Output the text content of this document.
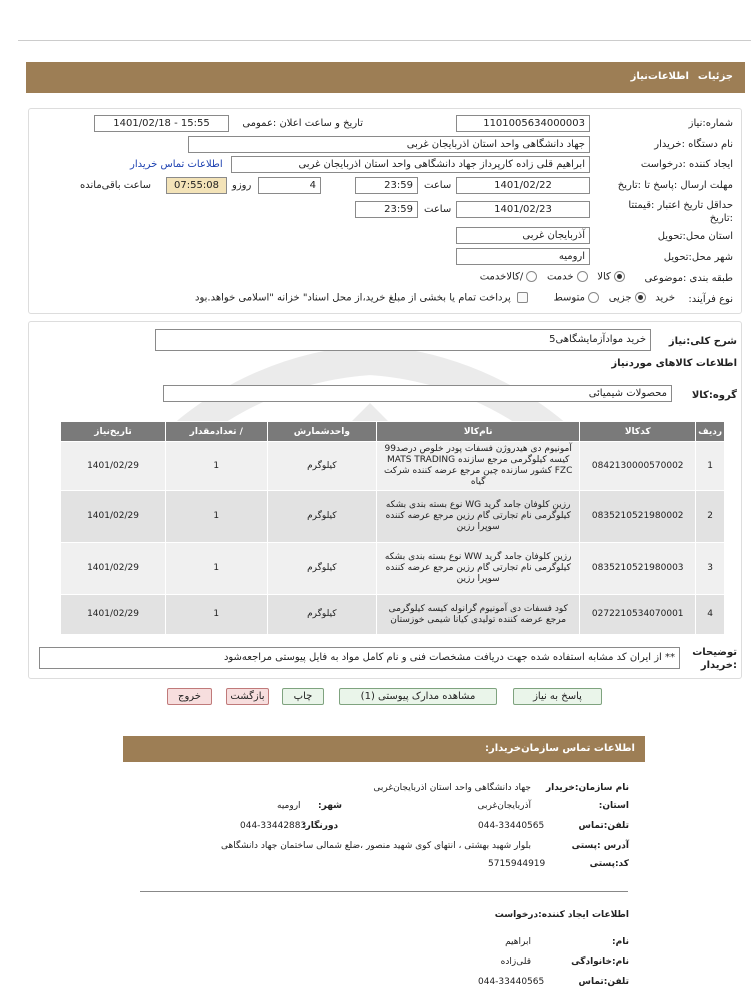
جزئیات
اطلاعات‌نیاز
شماره:نیاز
1101005634000003
تاریخ و ساعت اعلان :عمومی
1401/02/18 - 15:55
نام دستگاه :خریدار
جهاد دانشگاهی واحد استان اذربایجان غربی
ایجاد کننده :درخواست
ابراهیم قلی زاده کارپرداز جهاد دانشگاهی واحد استان اذربایجان غربی
اطلاعات تماس خریدار
مهلت ارسال :پاسخ تا :تاریخ
1401/02/22
ساعت
23:59
4
روزو
07:55:08
ساعت باقی‌مانده
حداقل تاریخ اعتبار :قیمتتا :تاریخ
1401/02/23
ساعت
23:59
استان محل:تحویل
آذربایجان غربی
شهر محل:تحویل
ارومیه
طبقه بندی :موضوعی
کالا    خدمت    /کالاخدمت
نوع فرآیند:
خرید    جزیی    متوسط          پرداخت تمام یا بخشی از مبلغ خرید،از محل اسناد" خزانه "اسلامی خواهد.بود
شرح کلی:نیاز
خرید موادآزمایشگاهی5
اطلاعات کالاهای موردنیاز
گروه:کالا
محصولات شیمیائی
ردیف	کدکالا	نام‌کالا	واحدشمارش	/ تعدادمقدار	تاریخ‌نیاز
1	0842130000570002	آمونیوم دی هیدروژن فسفات پودر خلوص درصد99 کیسه کیلوگرمی مرجع سازنده MATS TRADING FZC کشور سازنده چین مرجع عرضه کننده شرکت گیاه	کیلوگرم	1	1401/02/29
2	0835210521980002	رزین کلوفان جامد گرید WG نوع بسته بندی بشکه کیلوگرمی نام تجارتی گام رزین مرجع عرضه کننده سوپرا رزین	کیلوگرم	1	1401/02/29
3	0835210521980003	رزین کلوفان جامد گرید WW نوع بسته بندی بشکه کیلوگرمی نام تجارتی گام رزین مرجع عرضه کننده سوپرا رزین	کیلوگرم	1	1401/02/29
4	0272210534070001	کود فسفات دی آمونیوم گرانوله کیسه کیلوگرمی مرجع عرضه کننده تولیدی کیانا شیمی خوزستان	کیلوگرم	1	1401/02/29
توضیحات :خریدار
** از ایران کد مشابه استفاده شده جهت دریافت مشخصات فنی و نام کامل مواد به فایل پیوستی مراجعه‌شود
پاسخ به نیاز
مشاهده مدارک پیوستی (1)
چاپ
بازگشت
خروج
اطلاعات تماس سازمان‌خریدار:
نام سازمان:خریدار
جهاد دانشگاهی واحد استان اذربایجان‌غربی
استان:
آذربایجان‌غربی
شهر:
ارومیه
تلفن:تماس
044-33440565
دورنگار:
044-33442883
آدرس :پستی
بلوار شهید بهشتی ، انتهای کوی شهید منصور ،ضلع شمالی ساختمان جهاد دانشگاهی
کد:پستی
5715944919
اطلاعات ایجاد کننده:درخواست
نام:
ابراهیم
نام:خانوادگی
قلی‌زاده
تلفن:تماس
044-33440565
